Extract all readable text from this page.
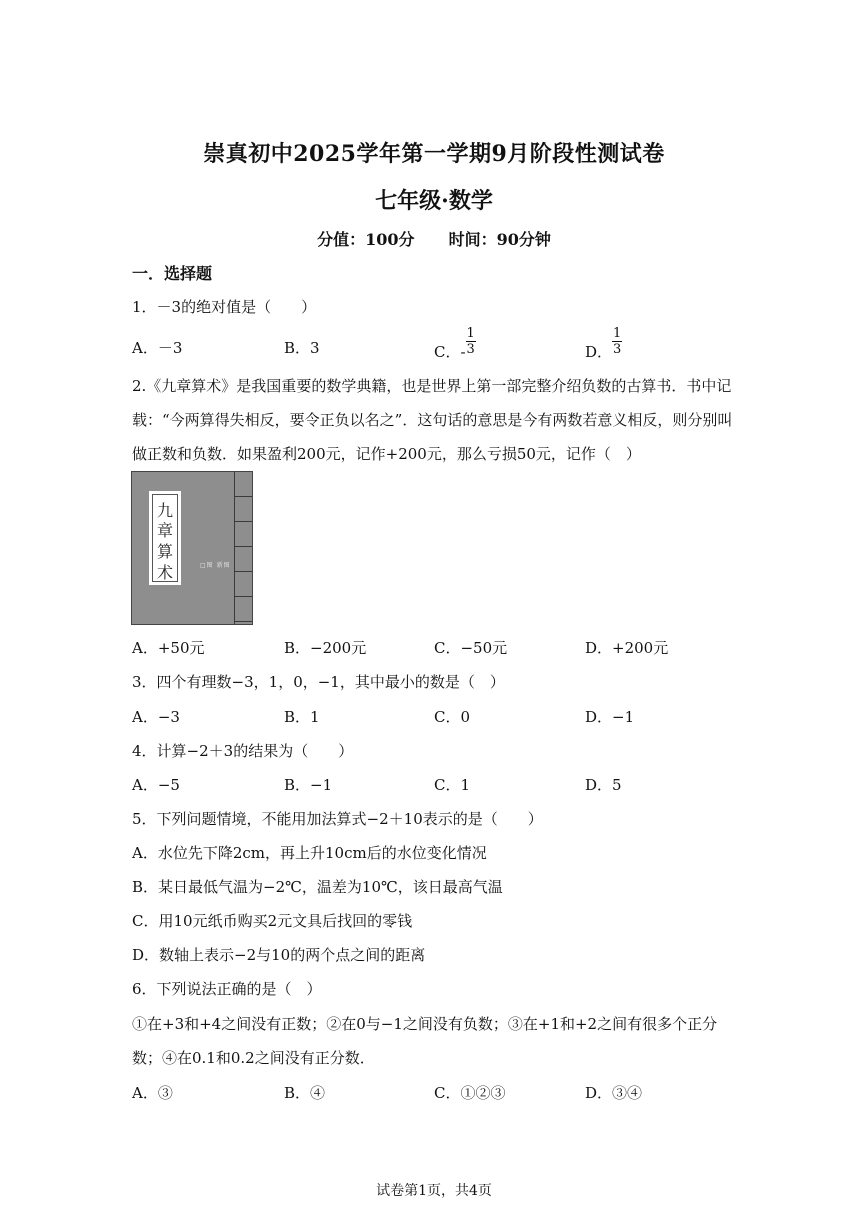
崇真初中2025学年第一学期9月阶段性测试卷
七年级·数学
分值：100分 时间：90分钟
一．选择题
1．－3的绝对值是（　　）
A．－3	B．3	C．- $\frac{1}{3}$	D． $\frac{1}{3}$
2.《九章算术》是我国重要的数学典籍，也是世界上第一部完整介绍负数的古算书．书中记
载：“今两算得失相反，要令正负以名之”．这句话的意思是今有两数若意义相反，则分别叫
做正数和负数．如果盈利200元，记作+200元，那么亏损50元，记作（　）
九
章
算
术	□图 新图
A．+50元	B．−200元	C．−50元	D．+200元
3．四个有理数−3，1，0，−1，其中最小的数是（　）
A．−3	B．1	C．0	D．−1
4．计算−2＋3的结果为（　　）
A．−5	B．−1	C．1	D．5
5．下列问题情境，不能用加法算式−2＋10表示的是（　　）
A．水位先下降2cm，再上升10cm后的水位变化情况
B．某日最低气温为−2℃，温差为10℃，该日最高气温
C．用10元纸币购买2元文具后找回的零钱
D．数轴上表示−2与10的两个点之间的距离
6．下列说法正确的是（　）
①在+3和+4之间没有正数；②在0与−1之间没有负数；③在+1和+2之间有很多个正分
数；④在0.1和0.2之间没有正分数．
A．③	B．④	C．①②③	D．③④
试卷第1页，共4页
